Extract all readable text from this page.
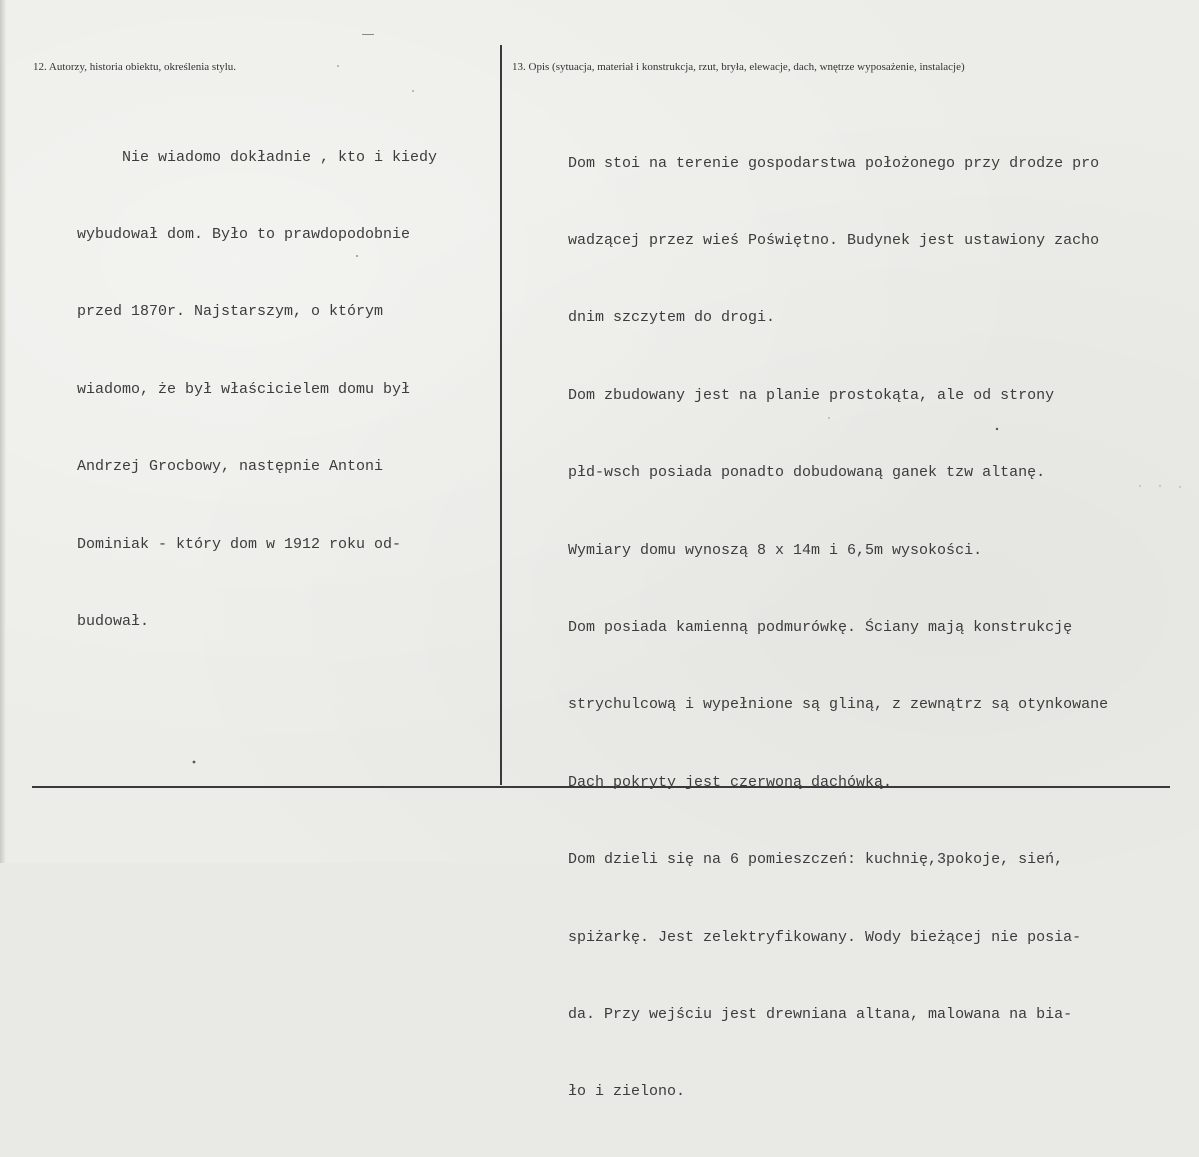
12. Autorzy, historia obiektu, określenia stylu.	13. Opis (sytuacja, materiał i konstrukcja, rzut, bryła, elewacje, dach, wnętrze wyposażenie, instalacje)

Nie wiadomo dokładnie , kto i kiedy

wybudował dom. Było to prawdopodobnie

przed 1870r. Najstarszym, o którym

wiadomo, że był właścicielem domu był

Andrzej Grocbowy, następnie Antoni

Dominiak - który dom w 1912 roku od-

budował.

Dom stoi na terenie gospodarstwa położonego przy drodze pro

wadzącej przez wieś Poświętno. Budynek jest ustawiony zacho

dnim szczytem do drogi.

Dom zbudowany jest na planie prostokąta, ale od strony

płd-wsch posiada ponadto dobudowaną ganek tzw altanę.

Wymiary domu wynoszą 8 x 14m i 6,5m wysokości.

Dom posiada kamienną podmurówkę. Ściany mają konstrukcję

strychulcową i wypełnione są gliną, z zewnątrz są otynkowane

Dach pokryty jest czerwoną dachówką.

Dom dzieli się na 6 pomieszczeń: kuchnię,3pokoje, sień,

spiżarkę. Jest zelektryfikowany. Wody bieżącej nie posia-

da. Przy wejściu jest drewniana altana, malowana na bia-

ło i zielono.
